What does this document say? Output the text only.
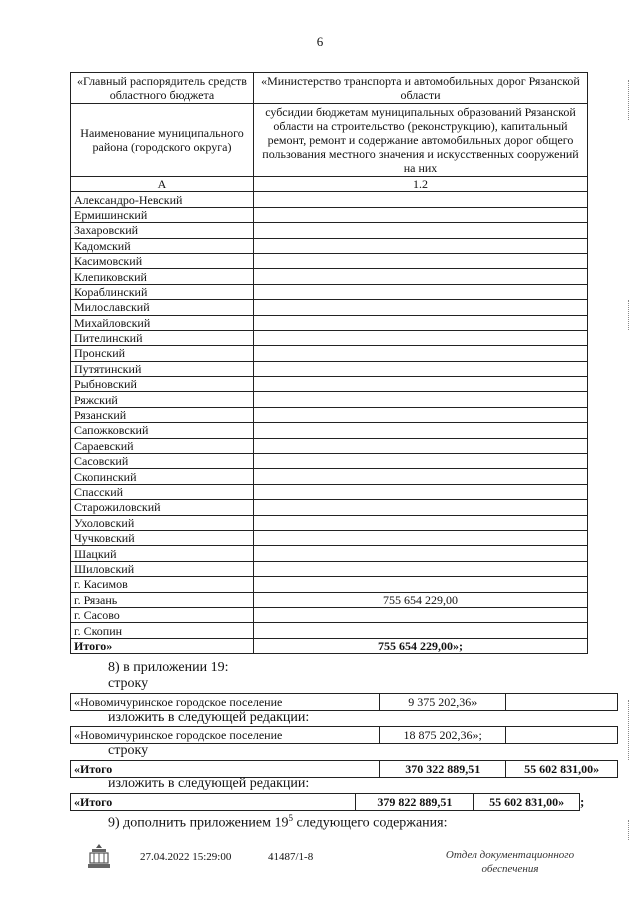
6
«Главный распорядитель средств областного бюджета	«Министерство транспорта и автомобильных дорог Рязанской области
Наименование муниципального района (городского округа)	субсидии бюджетам муниципальных образований Рязанской области на строительство (реконструкцию), капитальный ремонт, ремонт и содержание автомобильных дорог общего пользования местного значения и искусственных сооружений на них
А	1.2
Александро-Невский	
Ермишинский	
Захаровский	
Кадомский	
Касимовский	
Клепиковский	
Кораблинский	
Милославский	
Михайловский	
Пителинский	
Пронский	
Путятинский	
Рыбновский	
Ряжский	
Рязанский	
Сапожковский	
Сараевский	
Сасовский	
Скопинский	
Спасский	
Старожиловский	
Ухоловский	
Чучковский	
Шацкий	
Шиловский	
г. Касимов	
г. Рязань	755 654 229,00
г. Сасово	
г. Скопин	
Итого»	755 654 229,00»;
8) в приложении 19:
строку
«Новомичуринское городское поселение	9 375 202,36»	
изложить в следующей редакции:
«Новомичуринское городское поселение	18 875 202,36»;	
строку
«Итого	370 322 889,51	55 602 831,00»
изложить в следующей редакции:
«Итого	379 822 889,51	55 602 831,00» ;
9) дополнить приложением $19^5$ следующего содержания:
27.04.2022 15:29:00	41487/1-8	Отдел документационного обеспечения
